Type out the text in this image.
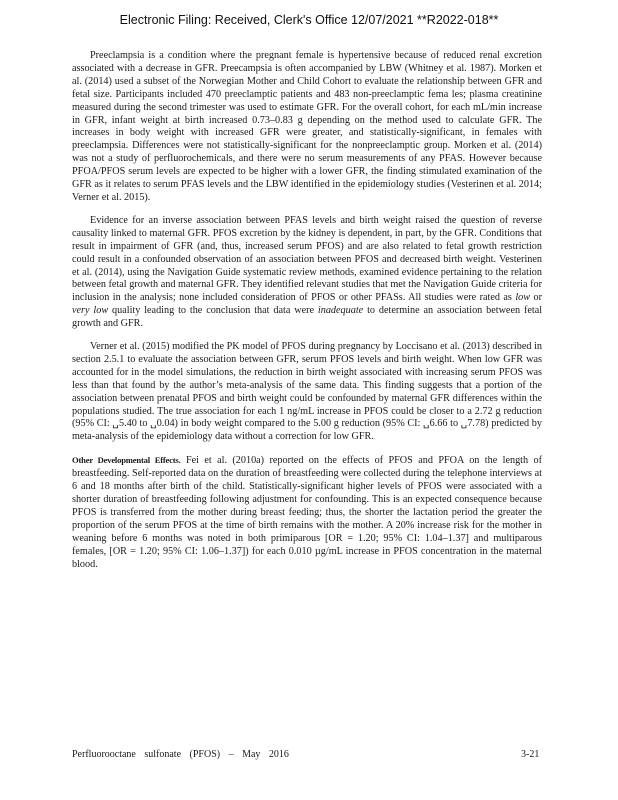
Electronic Filing: Received, Clerk's Office 12/07/2021 **R2022-018**

Preeclampsia is a condition where the pregnant female is hypertensive because of reduced renal excretion associated with a decrease in GFR. Preecampsia is often accompanied by LBW (Whitney et al. 1987). Morken et al. (2014) used a subset of the Norwegian Mother and Child Cohort to evaluate the relationship between GFR and fetal size. Participants included 470 preeclamptic patients and 483 non-preeclamptic fema les; plasma creatinine measured during the second trimester was used to estimate GFR. For the overall cohort, for each mL/min increase in GFR, infant weight at birth increased 0.73–0.83 g depending on the method used to calculate GFR. The increases in body weight with increased GFR were greater, and statistically-significant, in females with preeclampsia. Differences were not statistically-significant for the nonpreeclamptic group. Morken et al. (2014) was not a study of perfluorochemicals, and there were no serum measurements of any PFAS. However because PFOA/PFOS serum levels are expected to be higher with a lower GFR, the finding stimulated examination of the GFR as it relates to serum PFAS levels and the LBW identified in the epidemiology studies (Vesterinen et al. 2014; Verner et al. 2015).

Evidence for an inverse association between PFAS levels and birth weight raised the question of reverse causality linked to maternal GFR. PFOS excretion by the kidney is dependent, in part, by the GFR. Conditions that result in impairment of GFR (and, thus, increased serum PFOS) and are also related to fetal growth restriction could result in a confounded observation of an association between PFOS and decreased birth weight. Vesterinen et al. (2014), using the Navigation Guide systematic review methods, examined evidence pertaining to the relation between fetal growth and maternal GFR. They identified relevant studies that met the Navigation Guide criteria for inclusion in the analysis; none included consideration of PFOS or other PFASs. All studies were rated as low or very low quality leading to the conclusion that data were inadequate to determine an association between fetal growth and GFR.

Verner et al. (2015) modified the PK model of PFOS during pregnancy by Loccisano et al. (2013) described in section 2.5.1 to evaluate the association between GFR, serum PFOS levels and birth weight. When low GFR was accounted for in the model simulations, the reduction in birth weight associated with increasing serum PFOS was less than that found by the author’s meta-analysis of the same data. This finding suggests that a portion of the association between prenatal PFOS and birth weight could be confounded by maternal GFR differences within the populations studied. The true association for each 1 ng/mL increase in PFOS could be closer to a 2.72 g reduction (95% CI: ␣5.40 to ␣0.04) in body weight compared to the 5.00 g reduction (95% CI: ␣6.66 to ␣7.78) predicted by meta-analysis of the epidemiology data without a correction for low GFR.

Other Developmental Effects. Fei et al. (2010a) reported on the effects of PFOS and PFOA on the length of breastfeeding. Self-reported data on the duration of breastfeeding were collected during the telephone interviews at 6 and 18 months after birth of the child. Statistically-significant higher levels of PFOS were associated with a shorter duration of breastfeeding following adjustment for confounding. This is an expected consequence because PFOS is transferred from the mother during breast feeding; thus, the shorter the lactation period the greater the proportion of the serum PFOS at the time of birth remains with the mother. A 20% increase risk for the mother in weaning before 6 months was noted in both primiparous [OR = 1.20; 95% CI: 1.04–1.37] and multiparous females, [OR = 1.20; 95% CI: 1.06–1.37]) for each 0.010 µg/mL increase in PFOS concentration in the maternal blood.

Perfluorooctane sulfonate (PFOS) – May 2016	3-21
